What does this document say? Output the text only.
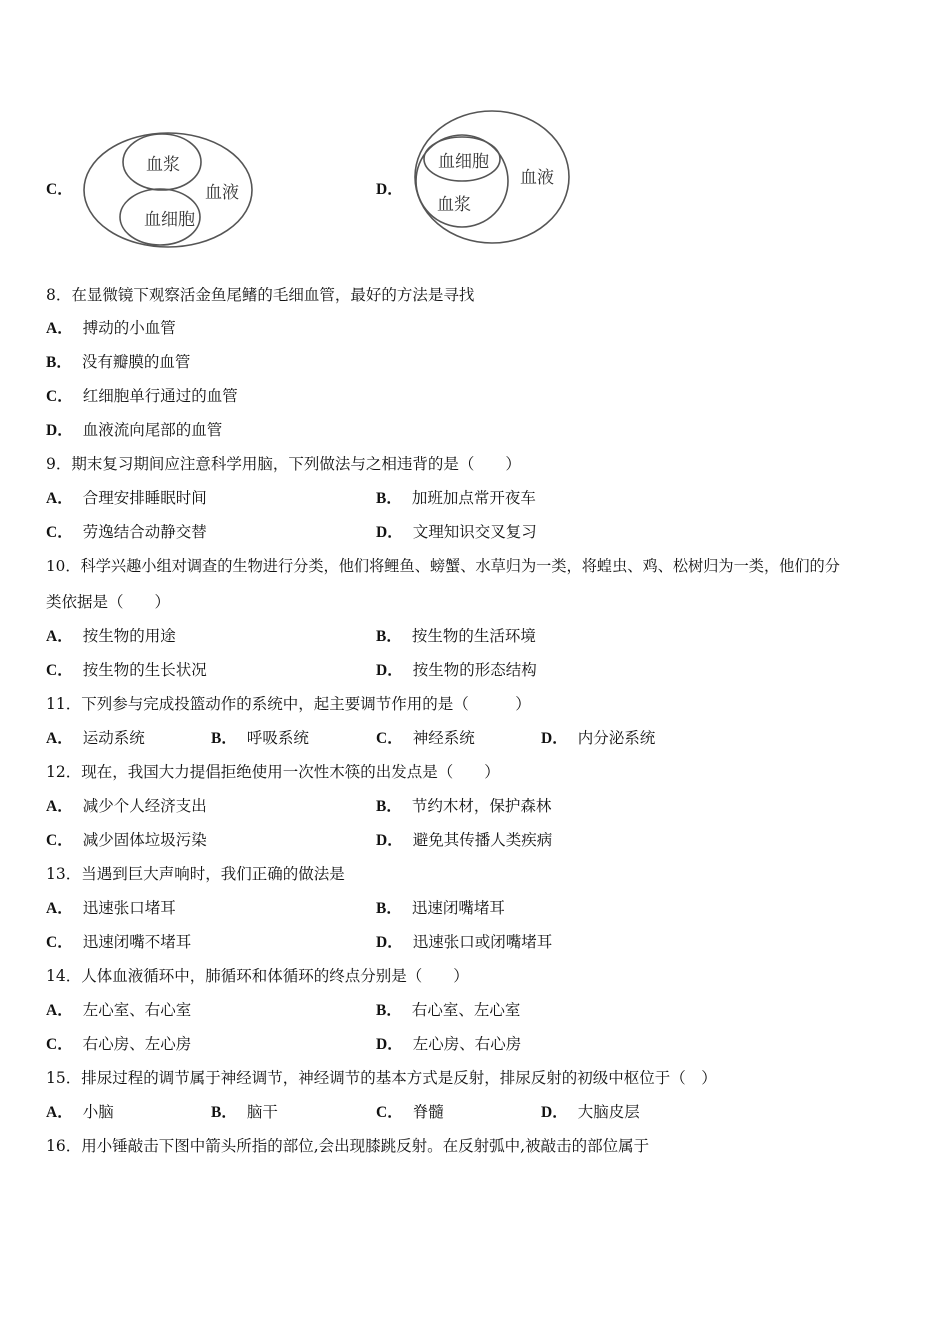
C．
血浆
血细胞
血液	D．
血细胞
血浆
血液
8．在显微镜下观察活金鱼尾鳍的毛细血管，最好的方法是寻找
A． 搏动的小血管
B． 没有瓣膜的血管
C． 红细胞单行通过的血管
D． 血液流向尾部的血管
9．期末复习期间应注意科学用脑，下列做法与之相违背的是（　　）
A． 合理安排睡眠时间	B． 加班加点常开夜车
C． 劳逸结合动静交替	D． 文理知识交叉复习
10．科学兴趣小组对调查的生物进行分类，他们将鲤鱼、螃蟹、水草归为一类，将蝗虫、鸡、松树归为一类，他们的分
类依据是（　　）
A． 按生物的用途	B． 按生物的生活环境
C． 按生物的生长状况	D． 按生物的形态结构
11．下列参与完成投篮动作的系统中，起主要调节作用的是（　　　）
A． 运动系统	B． 呼吸系统	C． 神经系统	D． 内分泌系统
12．现在，我国大力提倡拒绝使用一次性木筷的出发点是（　　）
A． 减少个人经济支出	B． 节约木材，保护森林
C． 减少固体垃圾污染	D． 避免其传播人类疾病
13．当遇到巨大声响时，我们正确的做法是
A． 迅速张口堵耳	B． 迅速闭嘴堵耳
C． 迅速闭嘴不堵耳	D． 迅速张口或闭嘴堵耳
14．人体血液循环中，肺循环和体循环的终点分别是（　　）
A． 左心室、右心室	B． 右心室、左心室
C． 右心房、左心房	D． 左心房、右心房
15．排尿过程的调节属于神经调节，神经调节的基本方式是反射，排尿反射的初级中枢位于（　）
A． 小脑	B． 脑干	C． 脊髓	D． 大脑皮层
16．用小锤敲击下图中箭头所指的部位,会出现膝跳反射。在反射弧中,被敲击的部位属于
